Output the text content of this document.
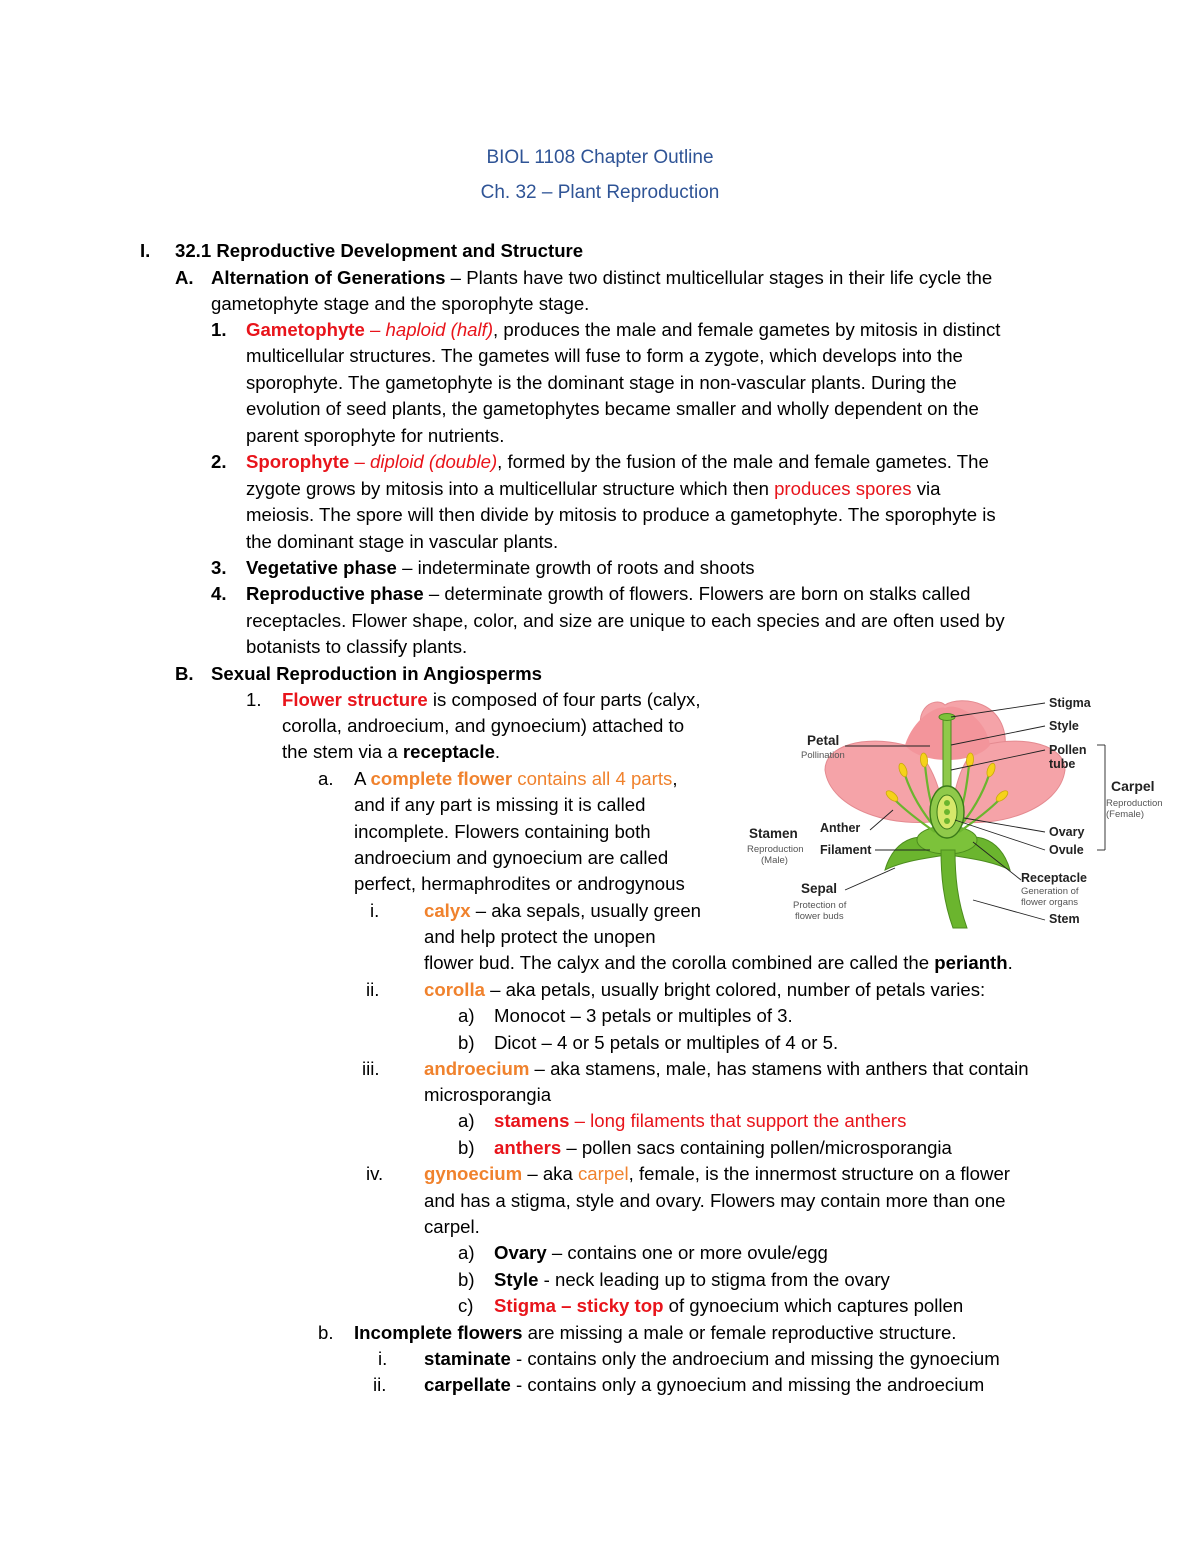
BIOL 1108 Chapter Outline
Ch. 32 – Plant Reproduction
I. 32.1 Reproductive Development and Structure
A. Alternation of Generations – Plants have two distinct multicellular stages in their life cycle the
gametophyte stage and the sporophyte stage.
1. Gametophyte – haploid (half), produces the male and female gametes by mitosis in distinct
multicellular structures. The gametes will fuse to form a zygote, which develops into the
sporophyte. The gametophyte is the dominant stage in non-vascular plants. During the
evolution of seed plants, the gametophytes became smaller and wholly dependent on the
parent sporophyte for nutrients.
2. Sporophyte – diploid (double), formed by the fusion of the male and female gametes. The
zygote grows by mitosis into a multicellular structure which then produces spores via
meiosis. The spore will then divide by mitosis to produce a gametophyte. The sporophyte is
the dominant stage in vascular plants.
3. Vegetative phase – indeterminate growth of roots and shoots
4. Reproductive phase – determinate growth of flowers. Flowers are born on stalks called
receptacles. Flower shape, color, and size are unique to each species and are often used by
botanists to classify plants.
B. Sexual Reproduction in Angiosperms
1. Flower structure is composed of four parts (calyx,
corolla, androecium, and gynoecium) attached to
the stem via a receptacle.
a. A complete flower contains all 4 parts,
and if any part is missing it is called
incomplete. Flowers containing both
androecium and gynoecium are called
perfect, hermaphrodites or androgynous
i. calyx – aka sepals, usually green
and help protect the unopen
flower bud. The calyx and the corolla combined are called the perianth.
ii. corolla – aka petals, usually bright colored, number of petals varies:
a) Monocot – 3 petals or multiples of 3.
b) Dicot – 4 or 5 petals or multiples of 4 or 5.
iii. androecium – aka stamens, male, has stamens with anthers that contain
microsporangia
a) stamens – long filaments that support the anthers
b) anthers – pollen sacs containing pollen/microsporangia
iv. gynoecium – aka carpel, female, is the innermost structure on a flower
and has a stigma, style and ovary. Flowers may contain more than one
carpel.
a) Ovary – contains one or more ovule/egg
b) Style - neck leading up to stigma from the ovary
c) Stigma – sticky top of gynoecium which captures pollen
b. Incomplete flowers are missing a male or female reproductive structure.
i. staminate - contains only the androecium and missing the gynoecium
ii. carpellate - contains only a gynoecium and missing the androecium
Stigma
Style
Pollen
tube
Carpel
Reproduction
(Female)
Ovary
Ovule
Receptacle
Generation of
flower organs
Stem
Petal
Pollination
Stamen
Reproduction
(Male)
Anther
Filament
Sepal
Protection of
flower buds
